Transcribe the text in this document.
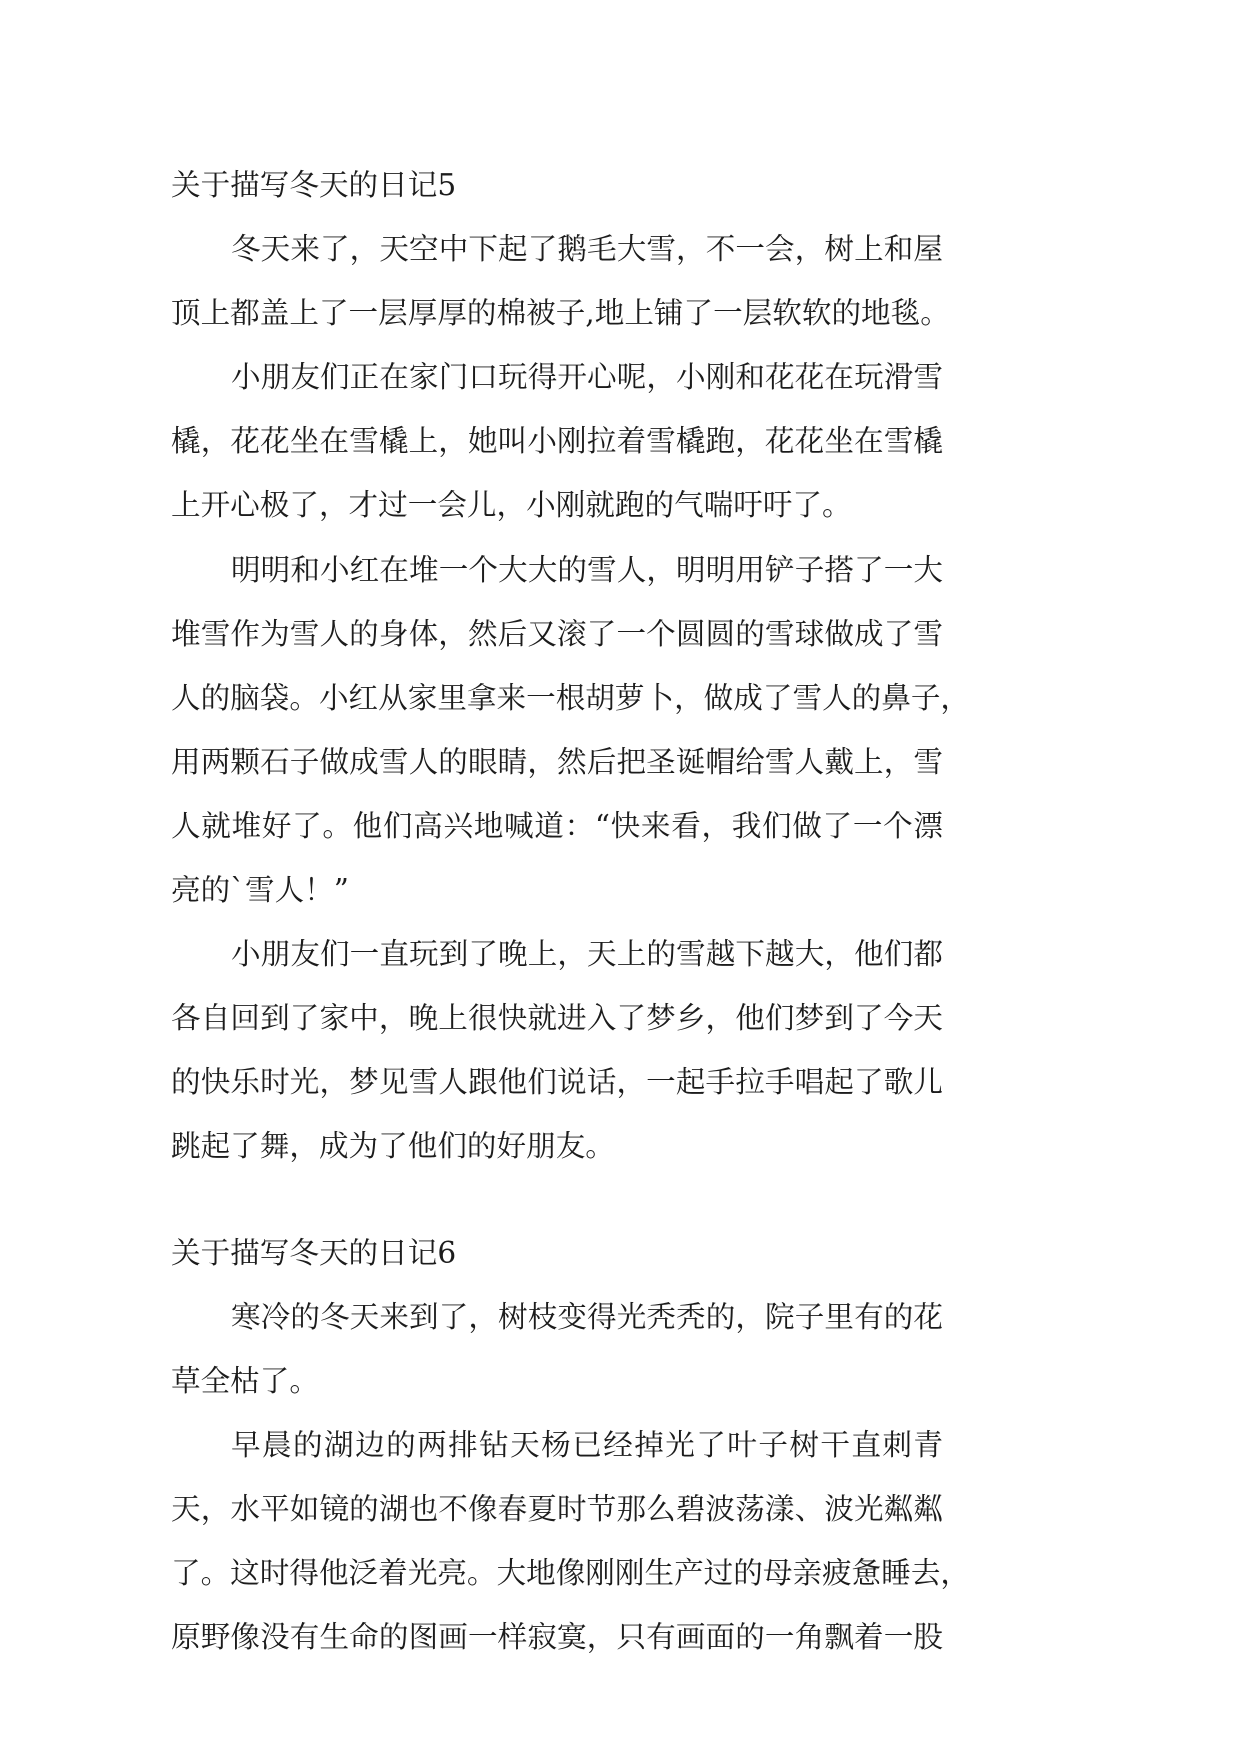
关于描写冬天的日记5
冬天来了，天空中下起了鹅毛大雪，不一会，树上和屋
顶上都盖上了一层厚厚的棉被子,地上铺了一层软软的地毯。
小朋友们正在家门口玩得开心呢，小刚和花花在玩滑雪
橇，花花坐在雪橇上，她叫小刚拉着雪橇跑，花花坐在雪橇
上开心极了，才过一会儿，小刚就跑的气喘吁吁了。
明明和小红在堆一个大大的雪人，明明用铲子搭了一大
堆雪作为雪人的身体，然后又滚了一个圆圆的雪球做成了雪
人的脑袋。小红从家里拿来一根胡萝卜，做成了雪人的鼻子，
用两颗石子做成雪人的眼睛，然后把圣诞帽给雪人戴上，雪
人就堆好了。他们高兴地喊道：“快来看，我们做了一个漂
亮的`雪人！”
小朋友们一直玩到了晚上，天上的雪越下越大，他们都
各自回到了家中，晚上很快就进入了梦乡，他们梦到了今天
的快乐时光，梦见雪人跟他们说话，一起手拉手唱起了歌儿
跳起了舞，成为了他们的好朋友。
关于描写冬天的日记6
寒冷的冬天来到了，树枝变得光秃秃的，院子里有的花
草全枯了。
早晨的湖边的两排钻天杨已经掉光了叶子树干直刺青
天，水平如镜的湖也不像春夏时节那么碧波荡漾、波光粼粼
了。这时得他泛着光亮。大地像刚刚生产过的母亲疲惫睡去，
原野像没有生命的图画一样寂寞，只有画面的一角飘着一股
